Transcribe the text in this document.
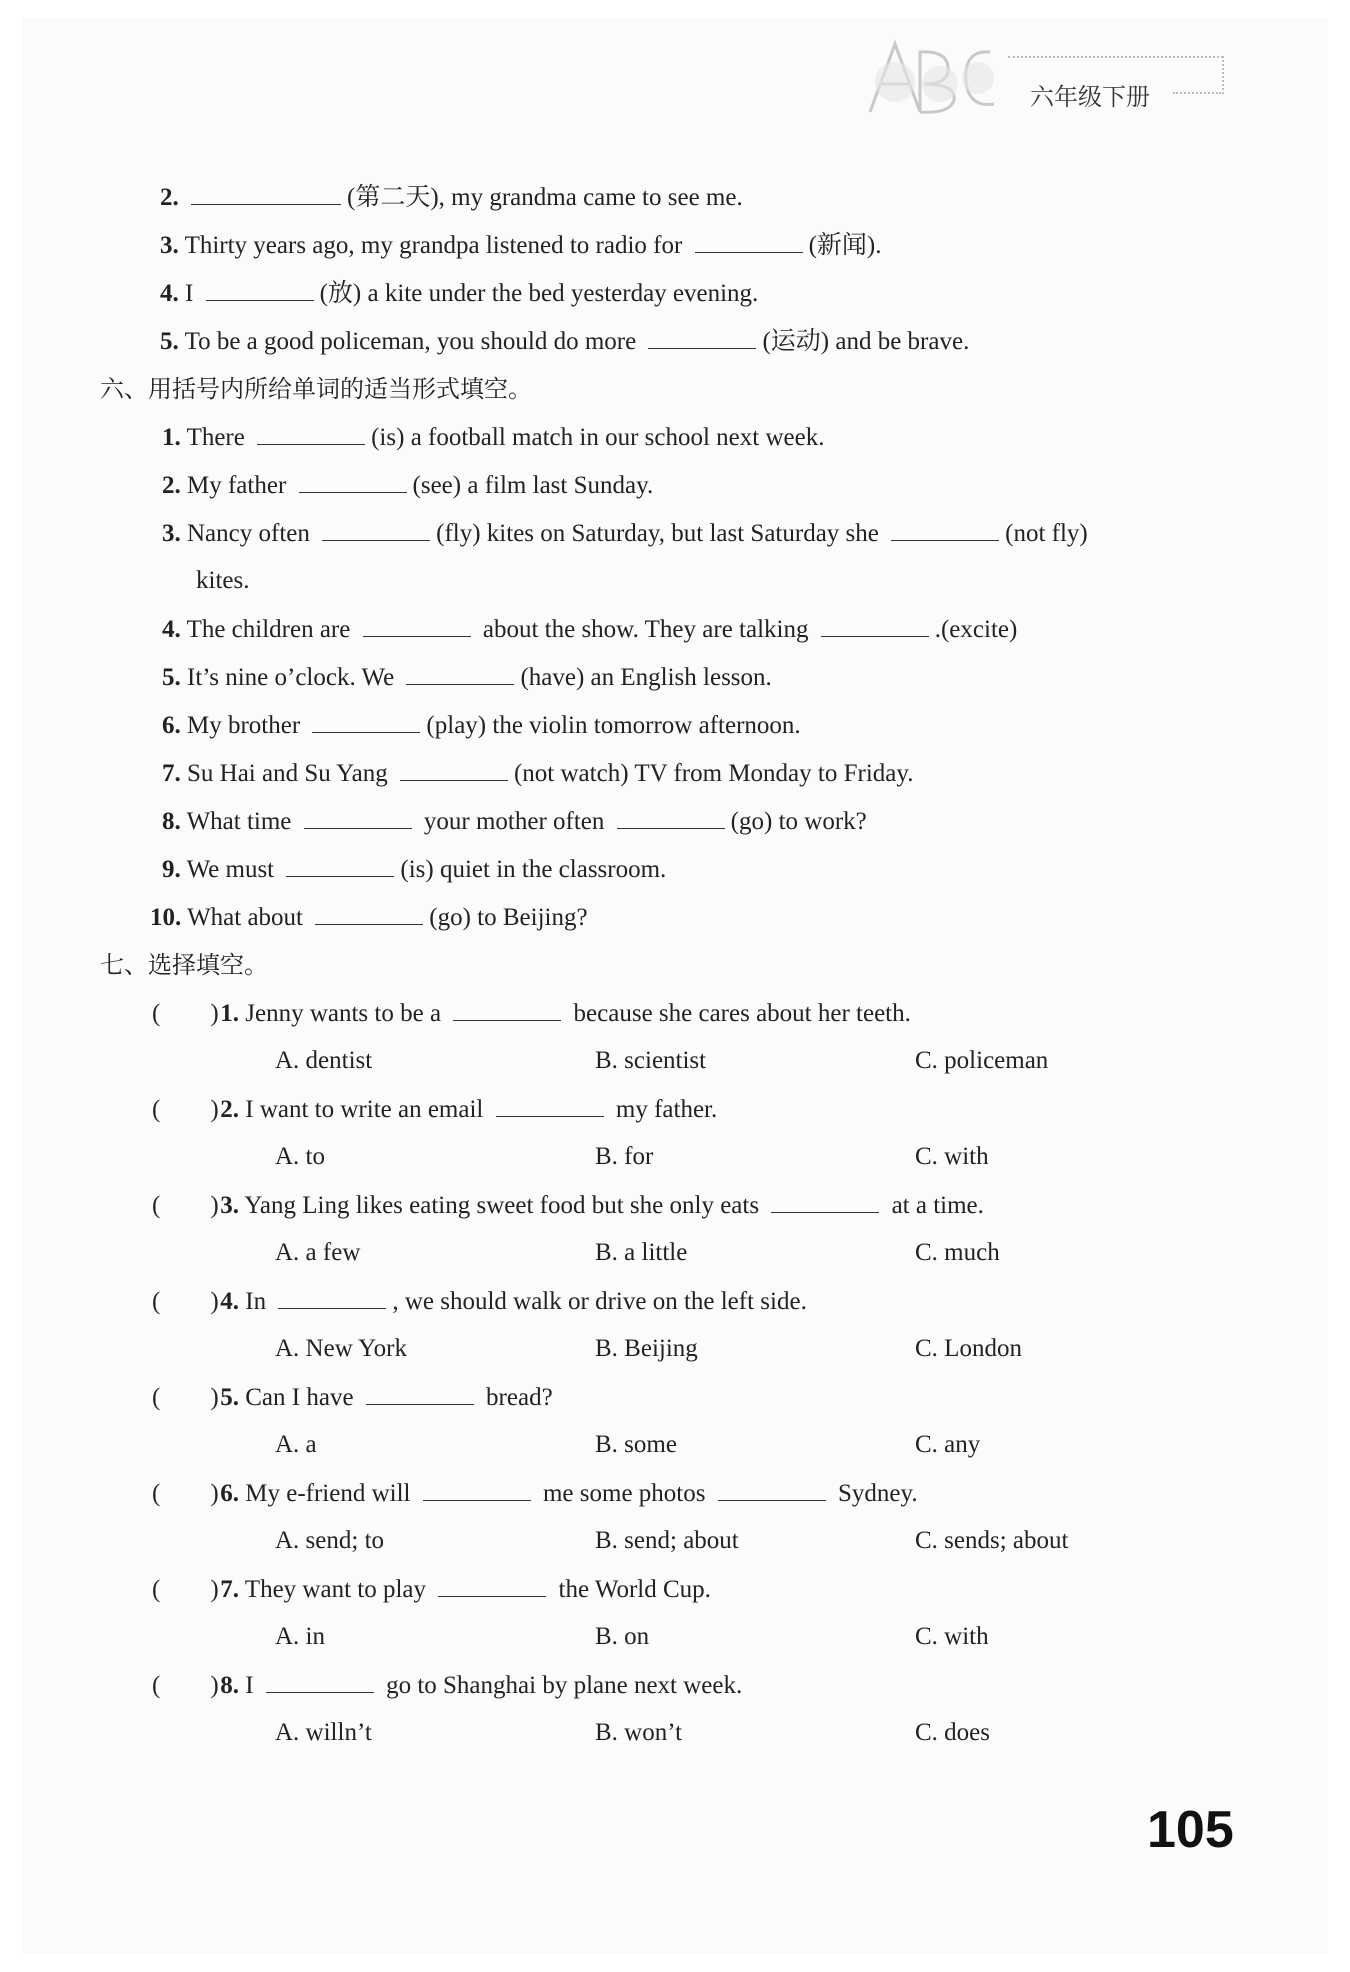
六年级下册
2.	(第二天), my grandma came to see me.
3. Thirty years ago, my grandpa listened to radio for	(新闻).
4. I	(放) a kite under the bed yesterday evening.
5. To be a good policeman, you should do more	(运动) and be brave.
六、用括号内所给单词的适当形式填空。
1. There	(is) a football match in our school next week.
2. My father	(see) a film last Sunday.
3. Nancy often	(fly) kites on Saturday, but last Saturday she	(not fly)
kites.
4. The children are	about the show. They are talking	.(excite)
5. It’s nine o’clock. We	(have) an English lesson.
6. My brother	(play) the violin tomorrow afternoon.
7. Su Hai and Su Yang	(not watch) TV from Monday to Friday.
8. What time	your mother often	(go) to work?
9. We must	(is) quiet in the classroom.
10. What about	(go) to Beijing?
七、选择填空。
(　　) 1. Jenny wants to be a	because she cares about her teeth.
A. dentist	B. scientist	C. policeman
(　　) 2. I want to write an email	my father.
A. to	B. for	C. with
(　　) 3. Yang Ling likes eating sweet food but she only eats	at a time.
A. a few	B. a little	C. much
(　　) 4. In	, we should walk or drive on the left side.
A. New York	B. Beijing	C. London
(　　) 5. Can I have	bread?
A. a	B. some	C. any
(　　) 6. My e-friend will	me some photos	Sydney.
A. send; to	B. send; about	C. sends; about
(　　) 7. They want to play	the World Cup.
A. in	B. on	C. with
(　　) 8. I	go to Shanghai by plane next week.
A. willn’t	B. won’t	C. does
105
